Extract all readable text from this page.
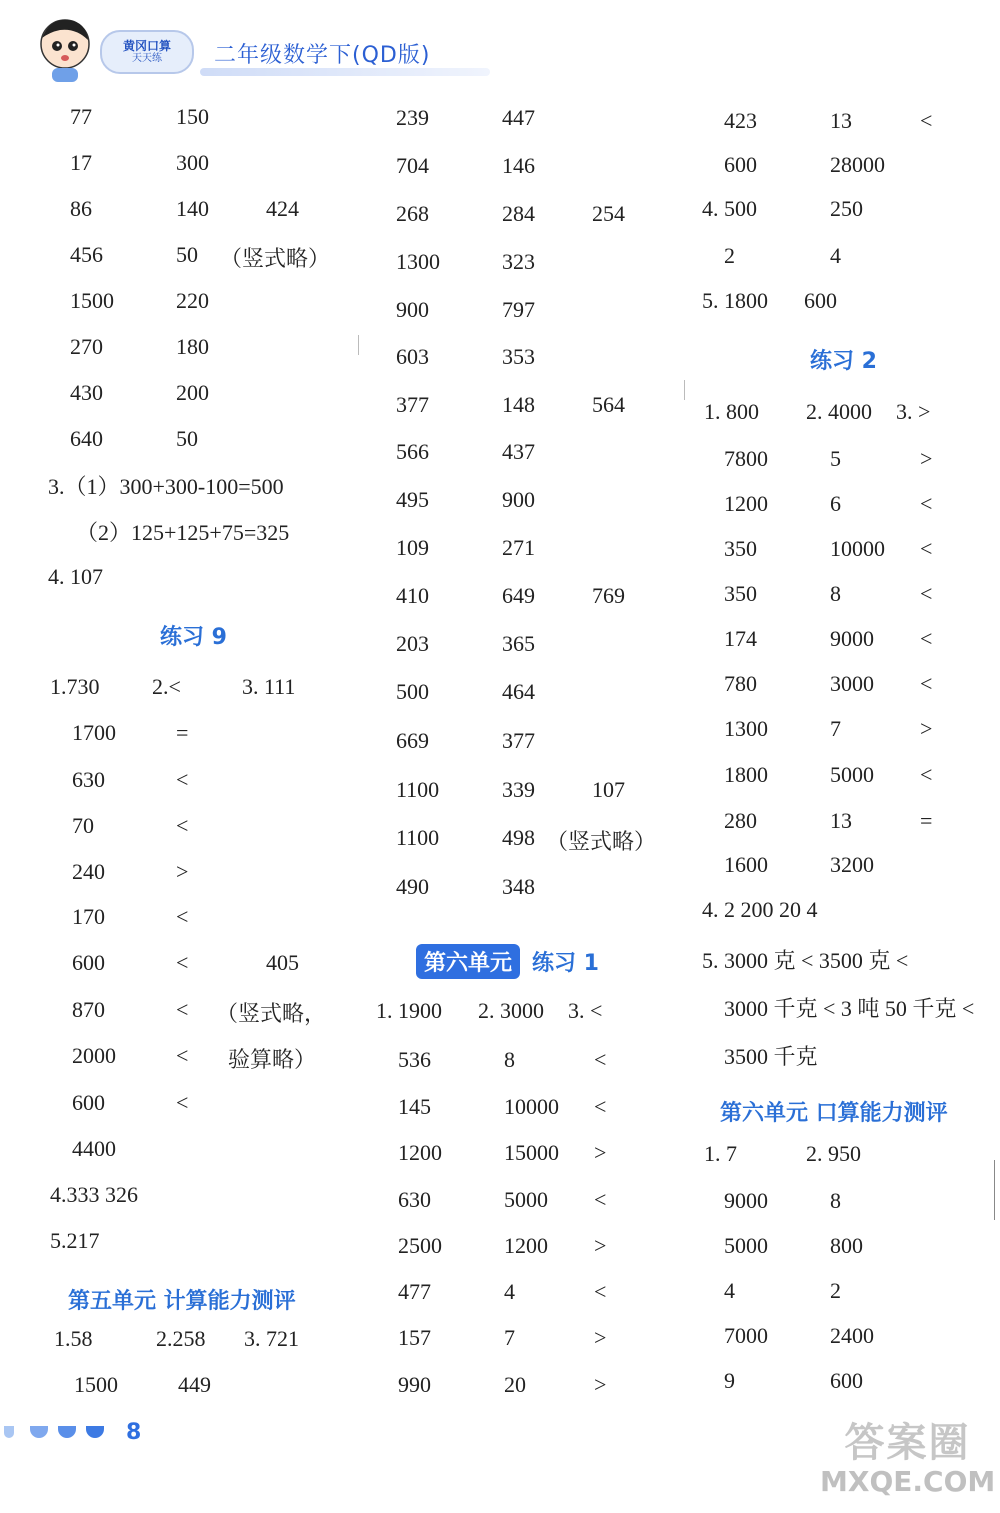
黄冈口算
天天练 二年级数学下(QD版)
77	150
17	300
86	140	424
456	50 （竖式略）
1500	220
270	180
430	200
640	50
3.（1）300+300-100=500
（2）125+125+75=325
4. 107
练习 9
1.730 2.<	3. 111
1700	=
630	<
70	<
240	>
170	<
600	<	405
870	< （竖式略，
2000	< 验算略）
600	<
4400
4.333 326
5.217
第五单元 计算能力测评
1.58	2.258 3. 721
1500	449
239	447
704	146
268	284	254
1300	323
900	797
603	353
377	148	564
566	437
495	900
109	271
410	649	769
203	365
500	464
669	377
1100	339	107
1100	498 （竖式略）
490	348
第六单元 练习 1
1. 1900 2. 3000 3. <
536	8	<
145	10000 <
1200	15000 >
630	5000 <
2500	1200 >
477	4	<
157	7	>
990	20	>
423	13	<
600	28000
4. 500	250
2	4
5. 1800 600
练习 2
1. 800 2. 4000 3. >
7800	5	>
1200	6	<
350	10000 <
350	8	<
174	9000 <
780	3000 <
1300	7	>
1800	5000 <
280	13	=
1600	3200
4. 2 200 20 4
5. 3000 克 < 3500 克 <
3000 千克 < 3 吨 50 千克 <
3500 千克
第六单元 口算能力测评
1. 7	2. 950
9000	8
5000	800
4	2
7000	2400
9	600
8	答案圈
MXQE.COM
